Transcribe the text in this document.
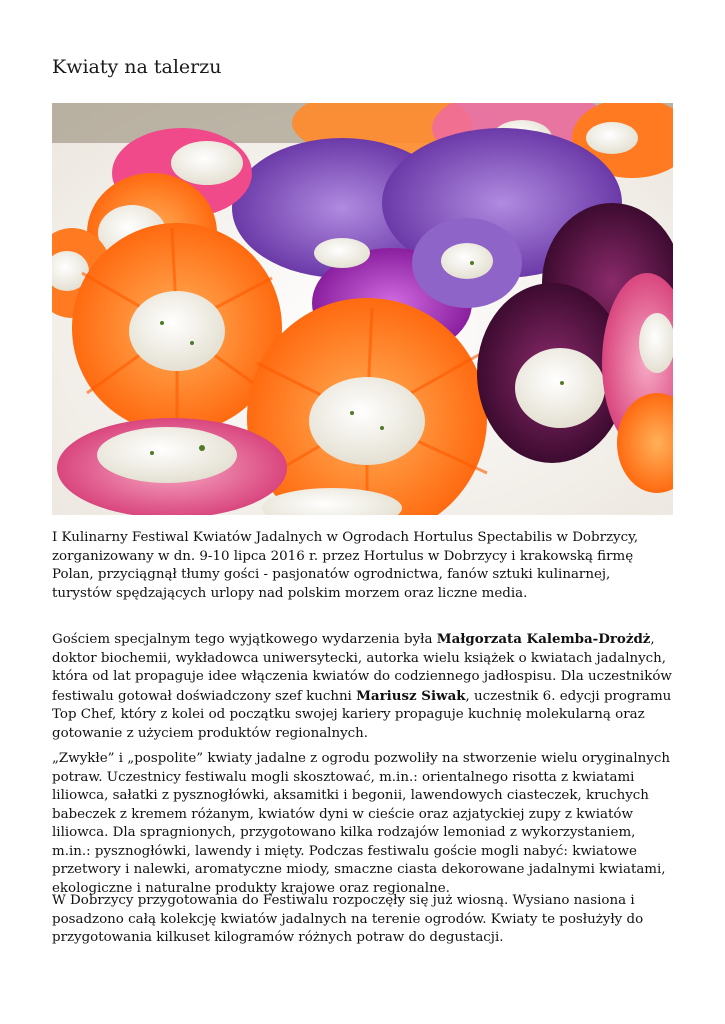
Kwiaty na talerzu

I Kulinarny Festiwal Kwiatów Jadalnych w Ogrodach Hortulus Spectabilis w Dobrzycy, zorganizowany w dn. 9-10 lipca 2016 r. przez Hortulus w Dobrzycy i krakowską firmę Polan, przyciągnął tłumy gości - pasjonatów ogrodnictwa, fanów sztuki kulinarnej, turystów spędzających urlopy nad polskim morzem oraz liczne media.

Gościem specjalnym tego wyjątkowego wydarzenia była Małgorzata Kalemba-Drożdż, doktor biochemii, wykładowca uniwersytecki, autorka wielu książek o kwiatach jadalnych, która od lat propaguje idee włączenia kwiatów do codziennego jadłospisu. Dla uczestników festiwalu gotował doświadczony szef kuchni Mariusz Siwak, uczestnik 6. edycji programu Top Chef, który z kolei od początku swojej kariery propaguje kuchnię molekularną oraz gotowanie z użyciem produktów regionalnych.

„Zwykłe” i „pospolite” kwiaty jadalne z ogrodu pozwoliły na stworzenie wielu oryginalnych potraw. Uczestnicy festiwalu mogli skosztować, m.in.: orientalnego risotta z kwiatami liliowca, sałatki z pysznogłówki, aksamitki i begonii, lawendowych ciasteczek, kruchych babeczek z kremem różanym, kwiatów dyni w cieście oraz azjatyckiej zupy z kwiatów liliowca. Dla spragnionych, przygotowano kilka rodzajów lemoniad z wykorzystaniem, m.in.: pysznogłówki, lawendy i mięty. Podczas festiwalu goście mogli nabyć: kwiatowe przetwory i nalewki, aromatyczne miody, smaczne ciasta dekorowane jadalnymi kwiatami, ekologiczne i naturalne produkty krajowe oraz regionalne.

W Dobrzycy przygotowania do Festiwalu rozpoczęły się już wiosną. Wysiano nasiona i posadzono całą kolekcję kwiatów jadalnych na terenie ogrodów. Kwiaty te posłużyły do przygotowania kilkuset kilogramów różnych potraw do degustacji.
